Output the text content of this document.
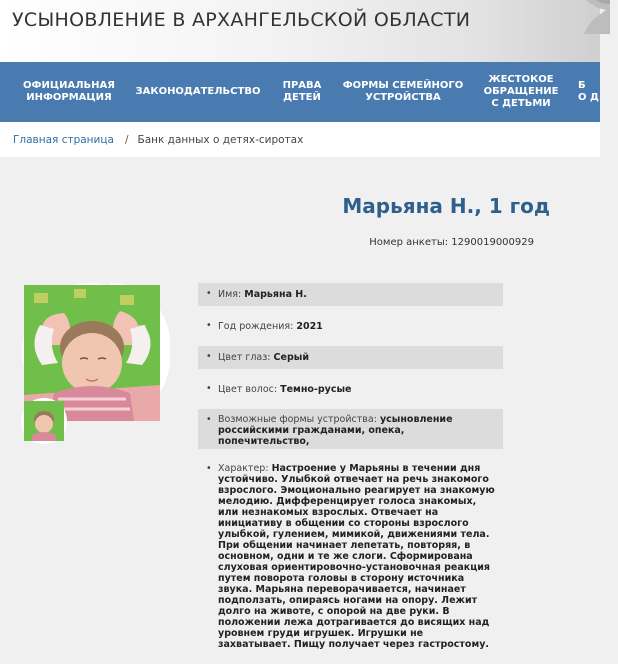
УСЫНОВЛЕНИЕ В АРХАНГЕЛЬСКОЙ ОБЛАСТИ
ОФИЦИАЛЬНАЯ
ИНФОРМАЦИЯ
ЗАКОНОДАТЕЛЬСТВО
ПРАВА
ДЕТЕЙ
ФОРМЫ СЕМЕЙНОГО
УСТРОЙСТВА
ЖЕСТОКОЕ
ОБРАЩЕНИЕ
С ДЕТЬМИ
Б
О Д
Главная страница / Банк данных о детях-сиротах
Марьяна Н., 1 год
Номер анкеты: 1290019000929
• Имя: Марьяна Н.
• Год рождения: 2021
• Цвет глаз: Серый
• Цвет волос: Темно-русые
• Возможные формы устройства: усыновление российскими гражданами, опека, попечительство,
• Характер: Настроение у Марьяны в течении дня устойчиво. Улыбкой отвечает на речь знакомого взрослого. Эмоционально реагирует на знакомую мелодию. Дифференцирует голоса знакомых, или незнакомых взрослых. Отвечает на инициативу в общении со стороны взрослого улыбкой, гулением, мимикой, движениями тела. При общении начинает лепетать, повторяя, в основном, одни и те же слоги. Сформирована слуховая ориентировочно-установочная реакция путем поворота головы в сторону источника звука. Марьяна переворачивается, начинает подползать, опираясь ногами на опору. Лежит долго на животе, с опорой на две руки. В положении лежа дотрагивается до висящих над уровнем груди игрушек. Игрушки не захватывает. Пищу получает через гастростому.
